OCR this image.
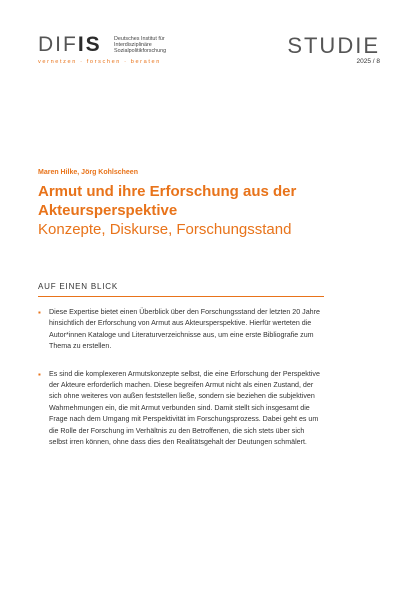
DIFIS Deutsches Institut für
Interdisziplinäre
Sozialpolitikforschung
vernetzen · forschen · beraten
STUDIE
2025 / 8
Maren Hilke, Jörg Kohlscheen
Armut und ihre Erforschung aus der
Akteursperspektive
Konzepte, Diskurse, Forschungsstand
AUF EINEN BLICK
▪ Diese Expertise bietet einen Überblick über den Forschungsstand der letzten 20 Jahre hinsichtlich der Erforschung von Armut aus Akteursperspektive. Hierfür werteten die Autor*innen Kataloge und Literaturverzeichnisse aus, um eine erste Bibliografie zum Thema zu erstellen.
▪ Es sind die komplexeren Armutskonzepte selbst, die eine Erforschung der Perspektive der Akteure erforderlich machen. Diese begreifen Armut nicht als einen Zustand, der sich ohne weiteres von außen feststellen ließe, sondern sie beziehen die subjektiven Wahrnehmungen ein, die mit Armut verbunden sind. Damit stellt sich insgesamt die Frage nach dem Umgang mit Perspektivität im Forschungsprozess. Dabei geht es um die Rolle der Forschung im Verhältnis zu den Betroffenen, die sich stets über sich selbst irren können, ohne dass dies den Realitätsgehalt der Deutungen schmälert.
